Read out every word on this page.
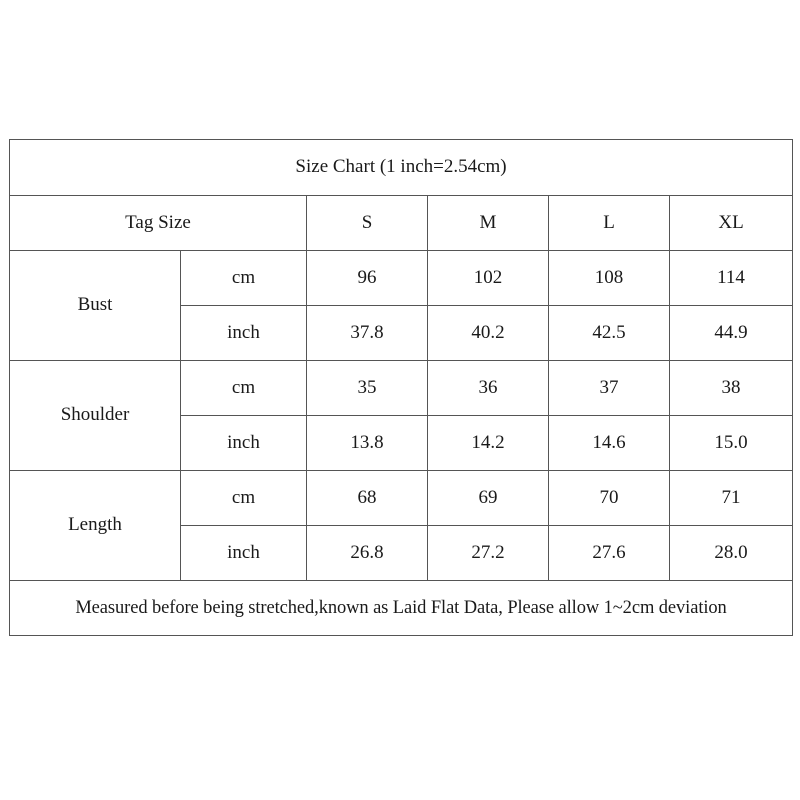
Size Chart (1 inch=2.54cm)					
Tag Size		S	M	L	XL
Bust	cm	96	102	108	114
	inch	37.8	40.2	42.5	44.9
Shoulder	cm	35	36	37	38
	inch	13.8	14.2	14.6	15.0
Length	cm	68	69	70	71
	inch	26.8	27.2	27.6	28.0
Measured before being stretched,known as Laid Flat Data, Please allow 1~2cm deviation					
